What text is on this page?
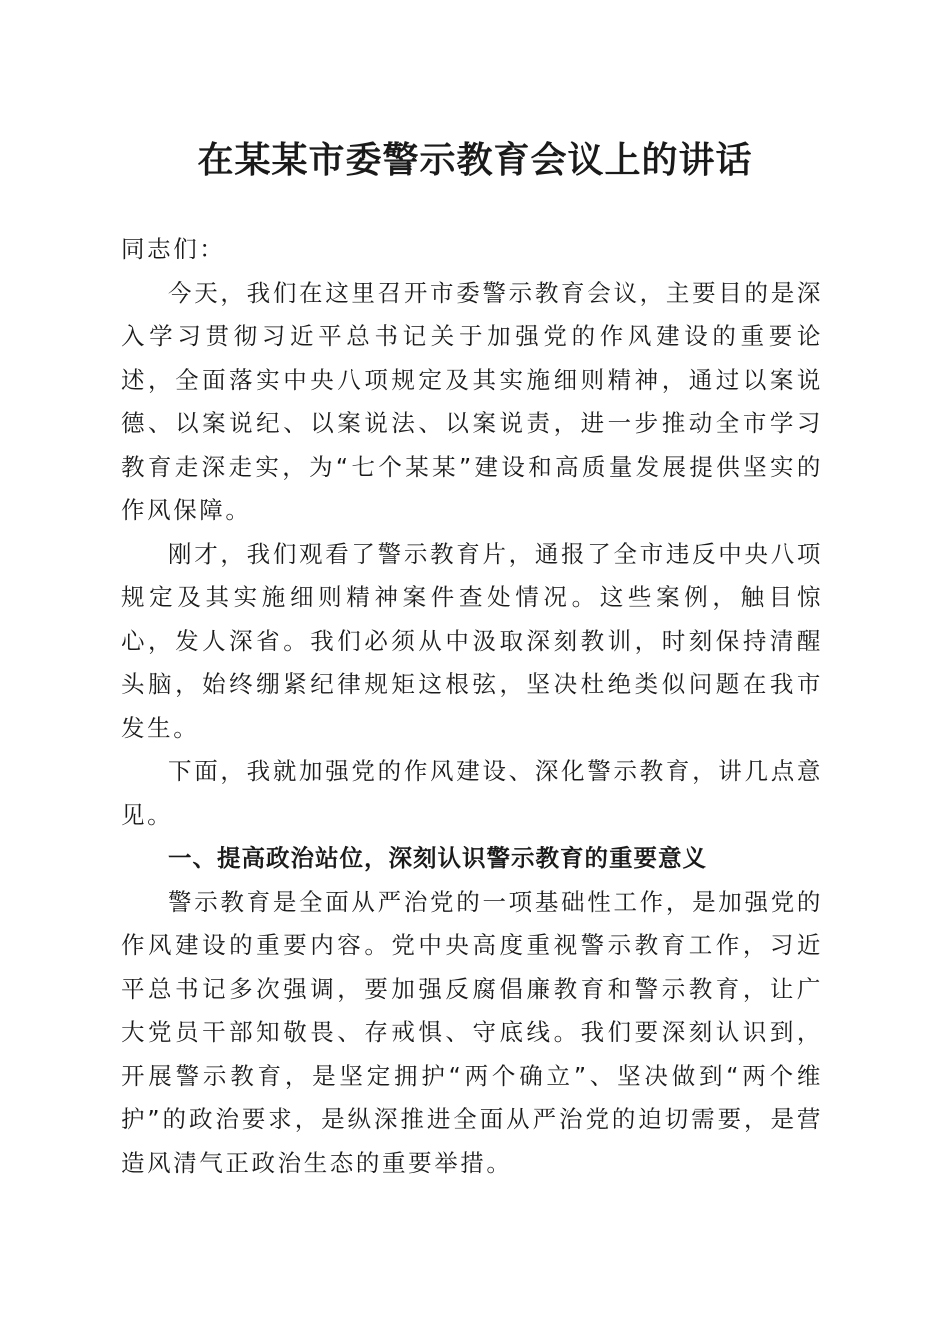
在某某市委警示教育会议上的讲话

同志们：

今天，我们在这里召开市委警示教育会议，主要目的是深入学习贯彻习近平总书记关于加强党的作风建设的重要论述，全面落实中央八项规定及其实施细则精神，通过以案说德、以案说纪、以案说法、以案说责，进一步推动全市学习教育走深走实，为“七个某某”建设和高质量发展提供坚实的作风保障。

刚才，我们观看了警示教育片，通报了全市违反中央八项规定及其实施细则精神案件查处情况。这些案例，触目惊心，发人深省。我们必须从中汲取深刻教训，时刻保持清醒头脑，始终绷紧纪律规矩这根弦，坚决杜绝类似问题在我市发生。

下面，我就加强党的作风建设、深化警示教育，讲几点意见。

一、提高政治站位，深刻认识警示教育的重要意义

警示教育是全面从严治党的一项基础性工作，是加强党的作风建设的重要内容。党中央高度重视警示教育工作，习近平总书记多次强调，要加强反腐倡廉教育和警示教育，让广大党员干部知敬畏、存戒惧、守底线。我们要深刻认识到，开展警示教育，是坚定拥护“两个确立”、坚决做到“两个维护”的政治要求，是纵深推进全面从严治党的迫切需要，是营造风清气正政治生态的重要举措。
